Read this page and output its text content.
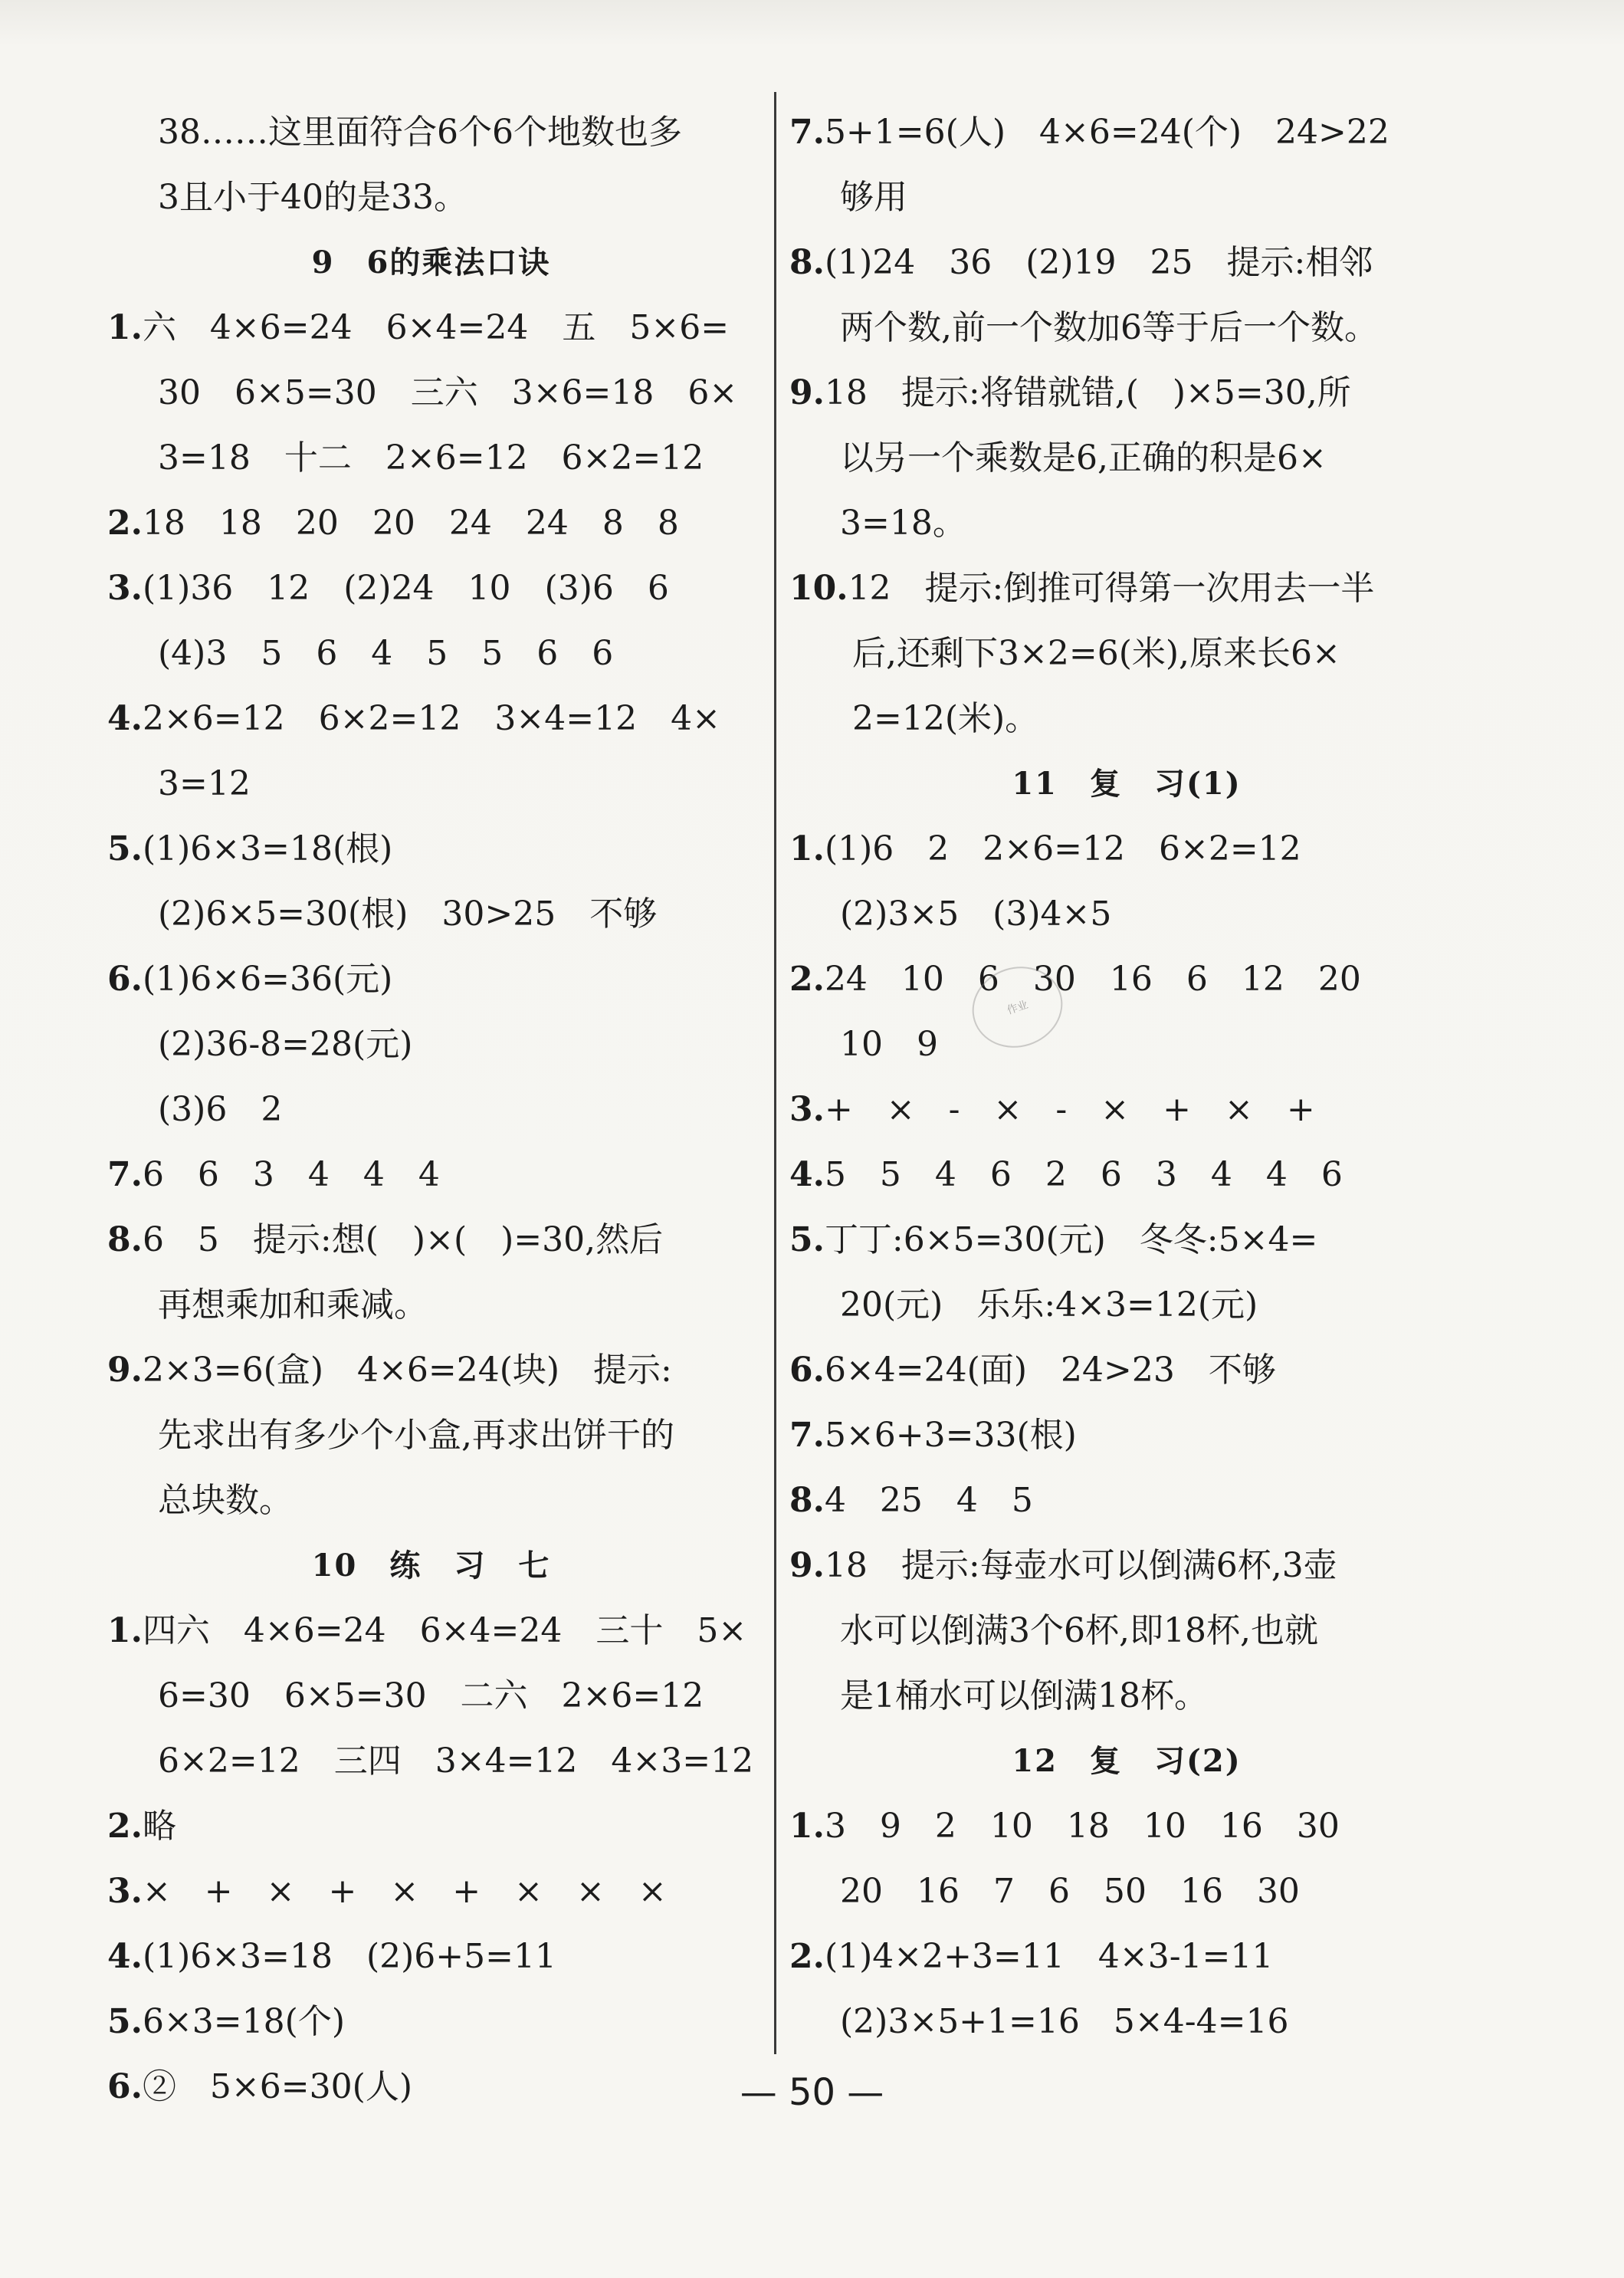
38……这里面符合6个6个地数也多
3且小于40的是33。
9　6的乘法口诀
1.六　4×6=24　6×4=24　五　5×6=
30　6×5=30　三六　3×6=18　6×
3=18　十二　2×6=12　6×2=12
2.18　18　20　20　24　24　8　8
3.(1)36　12　(2)24　10　(3)6　6
(4)3　5　6　4　5　5　6　6
4.2×6=12　6×2=12　3×4=12　4×
3=12
5.(1)6×3=18(根)
(2)6×5=30(根)　30>25　不够
6.(1)6×6=36(元)
(2)36-8=28(元)
(3)6　2
7.6　6　3　4　4　4
8.6　5　提示:想(　)×(　)=30,然后
再想乘加和乘减。
9.2×3=6(盒)　4×6=24(块)　提示:
先求出有多少个小盒,再求出饼干的
总块数。
10　练　习　七
1.四六　4×6=24　6×4=24　三十　5×
6=30　6×5=30　二六　2×6=12
6×2=12　三四　3×4=12　4×3=12
2.略
3.×　+　×　+　×　+　×　×　×
4.(1)6×3=18　(2)6+5=11
5.6×3=18(个)
6.②　5×6=30(人)
7.5+1=6(人)　4×6=24(个)　24>22
够用
8.(1)24　36　(2)19　25　提示:相邻
两个数,前一个数加6等于后一个数。
9.18　提示:将错就错,(　)×5=30,所
以另一个乘数是6,正确的积是6×
3=18。
10.12　提示:倒推可得第一次用去一半
后,还剩下3×2=6(米),原来长6×
2=12(米)。
11　复　习(1)
1.(1)6　2　2×6=12　6×2=12
(2)3×5　(3)4×5
2.24　10　6　30　16　6　12　20
10　9
3.+　×　-　×　-　×　+　×　+
4.5　5　4　6　2　6　3　4　4　6
5.丁丁:6×5=30(元)　冬冬:5×4=
20(元)　乐乐:4×3=12(元)
6.6×4=24(面)　24>23　不够
7.5×6+3=33(根)
8.4　25　4　5
9.18　提示:每壶水可以倒满6杯,3壶
水可以倒满3个6杯,即18杯,也就
是1桶水可以倒满18杯。
12　复　习(2)
1.3　9　2　10　18　10　16　30
20　16　7　6　50　16　30
2.(1)4×2+3=11　4×3-1=11
(2)3×5+1=16　5×4-4=16
作业
— 50 —
